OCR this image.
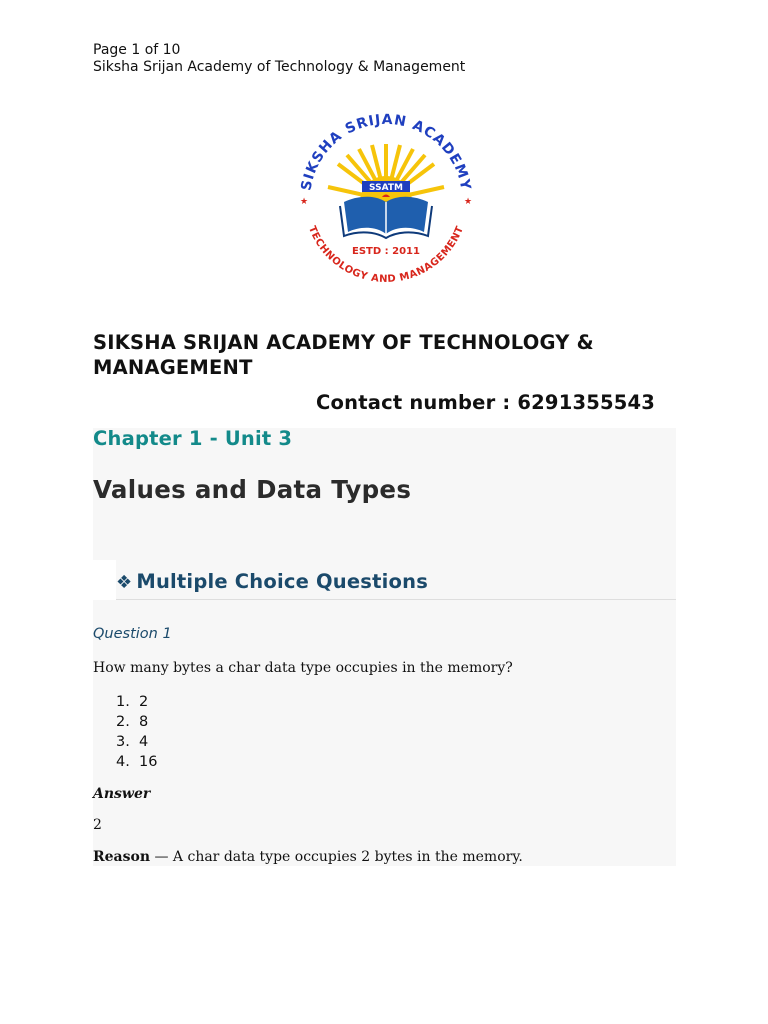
Page 1 of 10
Siksha Srijan Academy of Technology & Management
SIKSHA SRIJAN ACADEMY
TECHNOLOGY AND MANAGEMENT
★	★
SSATM
ESTD : 2011
SIKSHA SRIJAN ACADEMY OF TECHNOLOGY & MANAGEMENT
Contact number : 6291355543
Chapter 1 - Unit 3
Values and Data Types
❖ Multiple Choice Questions
Question 1
How many bytes a char data type occupies in the memory?
1. 2
2. 8
3. 4
4. 16
Answer
2
Reason — A char data type occupies 2 bytes in the memory.
